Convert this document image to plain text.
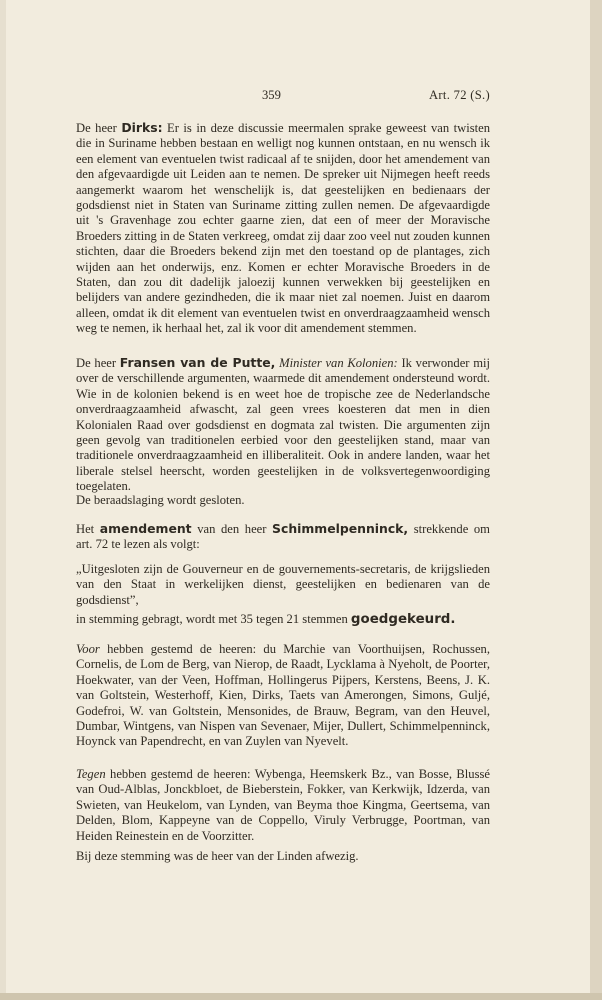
359	Art. 72 (S.)

De heer Dirks: Er is in deze discussie meermalen sprake geweest van twisten die in Suriname hebben bestaan en welligt nog kunnen ontstaan, en nu wensch ik een element van eventuelen twist radicaal af te snijden, door het amendement van den afgevaardigde uit Leiden aan te nemen. De spreker uit Nijmegen heeft reeds aangemerkt waarom het wenschelijk is, dat geestelijken en bedienaars der godsdienst niet in Staten van Suriname zitting zullen nemen. De afgevaardigde uit 's Gravenhage zou echter gaarne zien, dat een of meer der Moravische Broeders zitting in de Staten verkreeg, omdat zij daar zoo veel nut zouden kunnen stichten, daar die Broeders bekend zijn met den toestand op de plantages, zich wijden aan het onderwijs, enz. Komen er echter Moravische Broeders in de Staten, dan zou dit dadelijk jaloezij kunnen verwekken bij geestelijken en belijders van andere gezindheden, die ik maar niet zal noemen. Juist en daarom alleen, omdat ik dit element van eventuelen twist en onverdraagzaamheid wensch weg te nemen, ik herhaal het, zal ik voor dit amendement stemmen.

De heer Fransen van de Putte, Minister van Kolonien: Ik verwonder mij over de verschillende argumenten, waarmede dit amendement ondersteund wordt. Wie in de kolonien bekend is en weet hoe de tropische zee de Nederlandsche onverdraagzaamheid afwascht, zal geen vrees koesteren dat men in dien Kolonialen Raad over godsdienst en dogmata zal twisten. Die argumenten zijn geen gevolg van traditionelen eerbied voor den geestelijken stand, maar van traditionele onverdraagzaamheid en illiberaliteit. Ook in andere landen, waar het liberale stelsel heerscht, worden geestelijken in de volksvertegenwoordiging toegelaten.

De beraadslaging wordt gesloten.

Het amendement van den heer Schimmelpenninck, strekkende om art. 72 te lezen als volgt:

„Uitgesloten zijn de Gouverneur en de gouvernements-secretaris, de krijgslieden van den Staat in werkelijken dienst, geestelijken en bedienaren van de godsdienst”,

in stemming gebragt, wordt met 35 tegen 21 stemmen goedgekeurd.

Voor hebben gestemd de heeren: du Marchie van Voorthuijsen, Rochussen, Cornelis, de Lom de Berg, van Nierop, de Raadt, Lycklama à Nyeholt, de Poorter, Hoekwater, van der Veen, Hoffman, Hollingerus Pijpers, Kerstens, Beens, J. K. van Goltstein, Westerhoff, Kien, Dirks, Taets van Amerongen, Simons, Guljé, Godefroi, W. van Goltstein, Mensonides, de Brauw, Begram, van den Heuvel, Dumbar, Wintgens, van Nispen van Sevenaer, Mijer, Dullert, Schimmelpenninck, Hoynck van Papendrecht, en van Zuylen van Nyevelt.

Tegen hebben gestemd de heeren: Wybenga, Heemskerk Bz., van Bosse, Blussé van Oud-Alblas, Jonckbloet, de Bieberstein, Fokker, van Kerkwijk, Idzerda, van Swieten, van Heukelom, van Lynden, van Beyma thoe Kingma, Geertsema, van Delden, Blom, Kappeyne van de Coppello, Viruly Verbrugge, Poortman, van Heiden Reinestein en de Voorzitter.

Bij deze stemming was de heer van der Linden afwezig.
